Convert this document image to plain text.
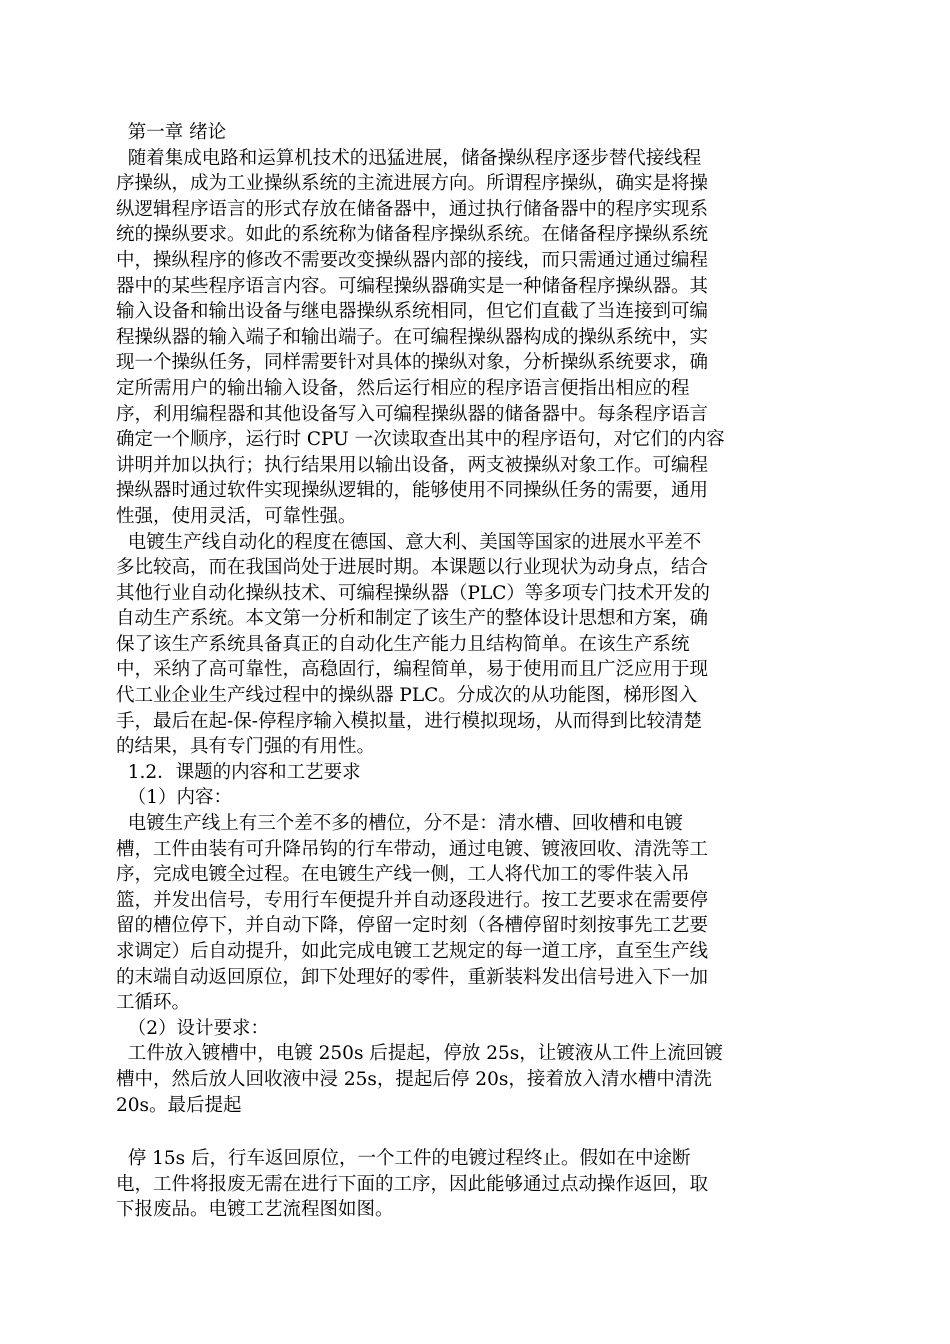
第一章 绪论
随着集成电路和运算机技术的迅猛进展，储备操纵程序逐步替代接线程
序操纵，成为工业操纵系统的主流进展方向。所谓程序操纵，确实是将操
纵逻辑程序语言的形式存放在储备器中，通过执行储备器中的程序实现系
统的操纵要求。如此的系统称为储备程序操纵系统。在储备程序操纵系统
中，操纵程序的修改不需要改变操纵器内部的接线，而只需通过通过编程
器中的某些程序语言内容。可编程操纵器确实是一种储备程序操纵器。其
输入设备和输出设备与继电器操纵系统相同，但它们直截了当连接到可编
程操纵器的输入端子和输出端子。在可编程操纵器构成的操纵系统中，实
现一个操纵任务，同样需要针对具体的操纵对象，分析操纵系统要求，确
定所需用户的输出输入设备，然后运行相应的程序语言便指出相应的程
序，利用编程器和其他设备写入可编程操纵器的储备器中。每条程序语言
确定一个顺序，运行时 CPU 一次读取查出其中的程序语句，对它们的内容
讲明并加以执行；执行结果用以输出设备，两支被操纵对象工作。可编程
操纵器时通过软件实现操纵逻辑的，能够使用不同操纵任务的需要，通用
性强，使用灵活，可靠性强。
电镀生产线自动化的程度在德国、意大利、美国等国家的进展水平差不
多比较高，而在我国尚处于进展时期。本课题以行业现状为动身点，结合
其他行业自动化操纵技术、可编程操纵器（PLC）等多项专门技术开发的
自动生产系统。本文第一分析和制定了该生产的整体设计思想和方案，确
保了该生产系统具备真正的自动化生产能力且结构简单。在该生产系统
中，采纳了高可靠性，高稳固行，编程简单，易于使用而且广泛应用于现
代工业企业生产线过程中的操纵器 PLC。分成次的从功能图，梯形图入
手，最后在起-保-停程序输入模拟量，进行模拟现场，从而得到比较清楚
的结果，具有专门强的有用性。
1.2．课题的内容和工艺要求
（1）内容：
电镀生产线上有三个差不多的槽位，分不是：清水槽、回收槽和电镀
槽，工件由装有可升降吊钩的行车带动，通过电镀、镀液回收、清洗等工
序，完成电镀全过程。在电镀生产线一侧，工人将代加工的零件装入吊
篮，并发出信号，专用行车便提升并自动逐段进行。按工艺要求在需要停
留的槽位停下，并自动下降，停留一定时刻（各槽停留时刻按事先工艺要
求调定）后自动提升，如此完成电镀工艺规定的每一道工序，直至生产线
的末端自动返回原位，卸下处理好的零件，重新装料发出信号进入下一加
工循环。
（2）设计要求：
工件放入镀槽中，电镀 250s 后提起，停放 25s，让镀液从工件上流回镀
槽中，然后放人回收液中浸 25s，提起后停 20s，接着放入清水槽中清洗
20s。最后提起
停 15s 后，行车返回原位，一个工件的电镀过程终止。假如在中途断
电，工件将报废无需在进行下面的工序，因此能够通过点动操作返回，取
下报废品。电镀工艺流程图如图。
